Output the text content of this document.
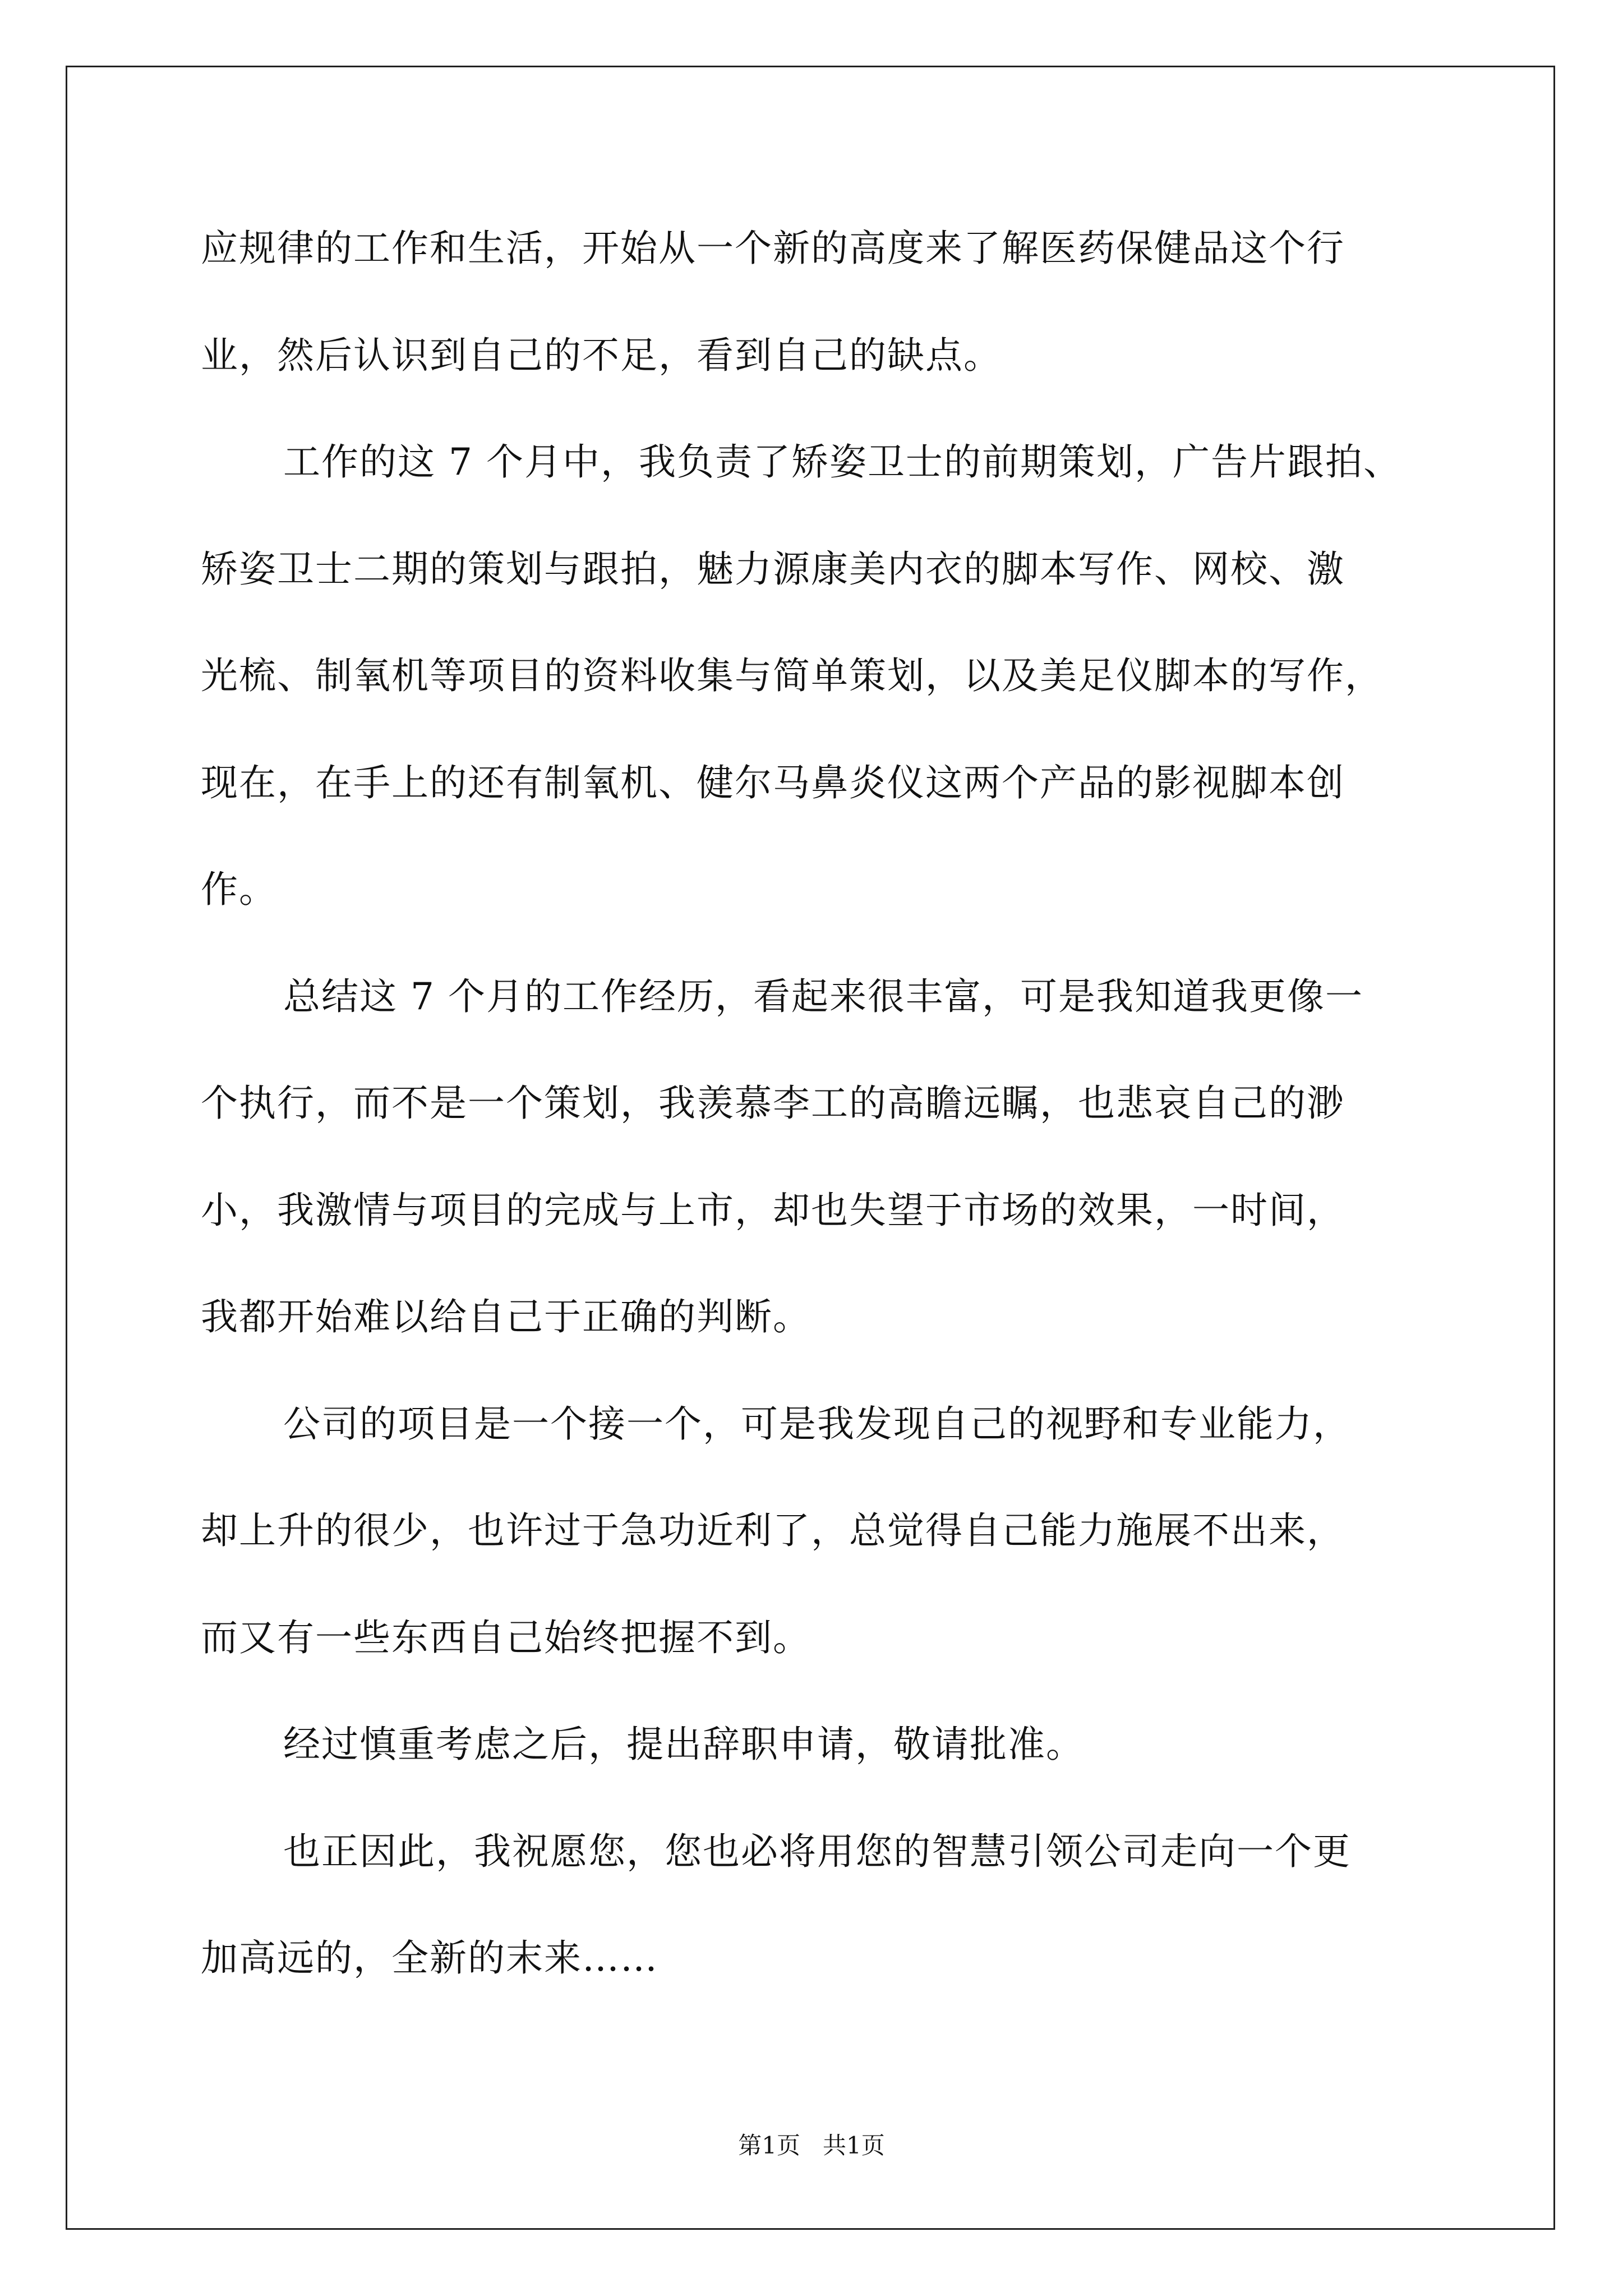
应规律的工作和生活，开始从一个新的高度来了解医药保健品这个行
业，然后认识到自己的不足，看到自己的缺点。
工作的这 7 个月中，我负责了矫姿卫士的前期策划，广告片跟拍、
矫姿卫士二期的策划与跟拍，魅力源康美内衣的脚本写作、网校、激
光梳、制氧机等项目的资料收集与简单策划，以及美足仪脚本的写作，
现在，在手上的还有制氧机、健尔马鼻炎仪这两个产品的影视脚本创
作。
总结这 7 个月的工作经历，看起来很丰富，可是我知道我更像一
个执行，而不是一个策划，我羡慕李工的高瞻远瞩，也悲哀自己的渺
小，我激情与项目的完成与上市，却也失望于市场的效果，一时间，
我都开始难以给自己于正确的判断。
公司的项目是一个接一个，可是我发现自己的视野和专业能力，
却上升的很少，也许过于急功近利了，总觉得自己能力施展不出来，
而又有一些东西自己始终把握不到。
经过慎重考虑之后，提出辞职申请，敬请批准。
也正因此，我祝愿您，您也必将用您的智慧引领公司走向一个更
加高远的，全新的末来……
第1页   共1页
